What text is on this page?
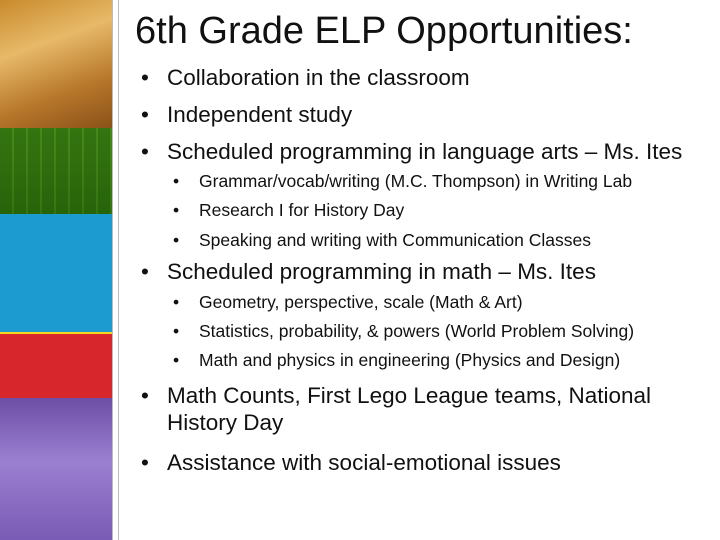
6th Grade ELP Opportunities:
• Collaboration in the classroom
• Independent study
• Scheduled programming in language arts – Ms. Ites
• Grammar/vocab/writing (M.C. Thompson) in Writing Lab
• Research I for History Day
• Speaking and writing with Communication Classes
• Scheduled programming in math – Ms. Ites
• Geometry, perspective, scale (Math & Art)
• Statistics, probability, & powers (World Problem Solving)
• Math and physics in engineering (Physics and Design)
• Math Counts, First Lego League teams, National History Day
• Assistance with social-emotional issues
